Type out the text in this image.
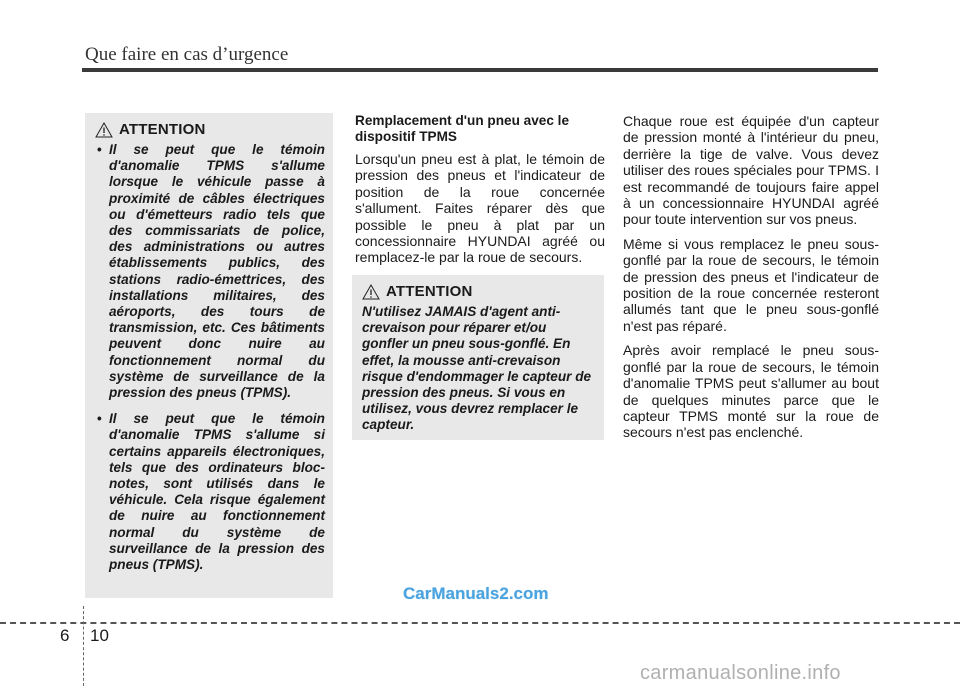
Que faire en cas d’urgence
ATTENTION
• Il se peut que le témoin d'anomalie TPMS s'allume lorsque le véhicule passe à proximité de câbles électriques ou d'émetteurs radio tels que des commissariats de police, des administrations ou autres établissements publics, des stations radio-émettrices, des installations militaires, des aéroports, des tours de transmission, etc. Ces bâtiments peuvent donc nuire au fonctionnement normal du système de surveillance de la pression des pneus (TPMS).
• Il se peut que le témoin d'anomalie TPMS s'allume si certains appareils électroniques, tels que des ordinateurs bloc-notes, sont utilisés dans le véhicule. Cela risque également de nuire au fonctionnement normal du système de surveillance de la pression des pneus (TPMS).
Remplacement d'un pneu avec le dispositif TPMS

Lorsqu'un pneu est à plat, le témoin de pression des pneus et l'indicateur de position de la roue concernée s'allument. Faites réparer dès que possible le pneu à plat par un concessionnaire HYUNDAI agréé ou remplacez-le par la roue de secours.

ATTENTION
N'utilisez JAMAIS d'agent anti-crevaison pour réparer et/ou gonfler un pneu sous-gonflé. En effet, la mousse anti-crevaison risque d'endommager le capteur de pression des pneus. Si vous en utilisez, vous devrez remplacer le capteur.

Chaque roue est équipée d'un capteur de pression monté à l'intérieur du pneu, derrière la tige de valve. Vous devez utiliser des roues spéciales pour TPMS. I est recommandé de toujours faire appel à un concessionnaire HYUNDAI agréé pour toute intervention sur vos pneus.

Même si vous remplacez le pneu sous-gonflé par la roue de secours, le témoin de pression des pneus et l'indicateur de position de la roue concernée resteront allumés tant que le pneu sous-gonflé n'est pas réparé.

Après avoir remplacé le pneu sous-gonflé par la roue de secours, le témoin d'anomalie TPMS peut s'allumer au bout de quelques minutes parce que le capteur TPMS monté sur la roue de secours n'est pas enclenché.

CarManuals2.com
6 10
carmanualsonline.info
